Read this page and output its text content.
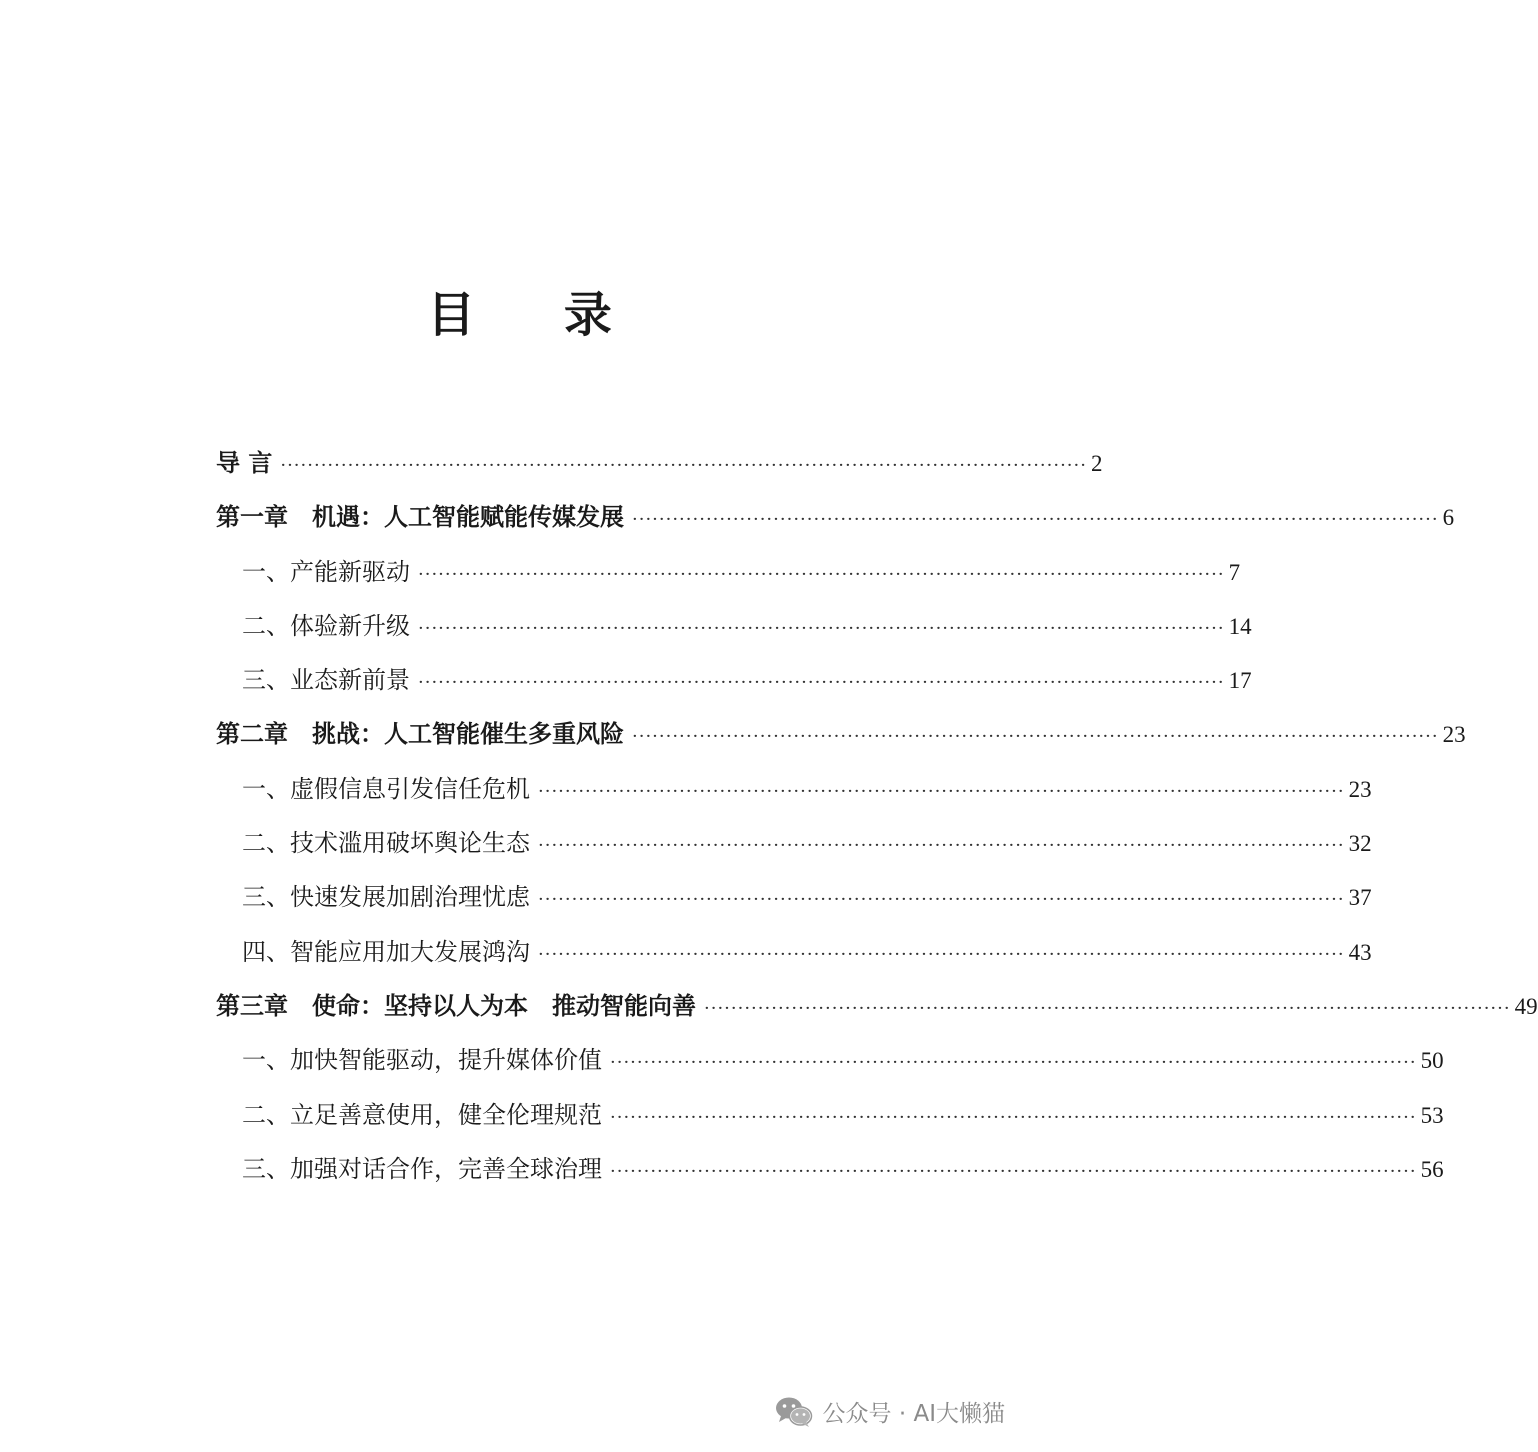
目 录
导 言 ························································································································ 2
第一章　机遇：人工智能赋能传媒发展 ························································································································ 6
一、产能新驱动 ························································································································ 7
二、体验新升级 ························································································································ 14
三、业态新前景 ························································································································ 17
第二章　挑战：人工智能催生多重风险 ························································································································ 23
一、虚假信息引发信任危机 ························································································································ 23
二、技术滥用破坏舆论生态 ························································································································ 32
三、快速发展加剧治理忧虑 ························································································································ 37
四、智能应用加大发展鸿沟 ························································································································ 43
第三章　使命：坚持以人为本　推动智能向善 ························································································································ 49
一、加快智能驱动，提升媒体价值 ························································································································ 50
二、立足善意使用，健全伦理规范 ························································································································ 53
三、加强对话合作，完善全球治理 ························································································································ 56
公众号 · AI大懒猫
